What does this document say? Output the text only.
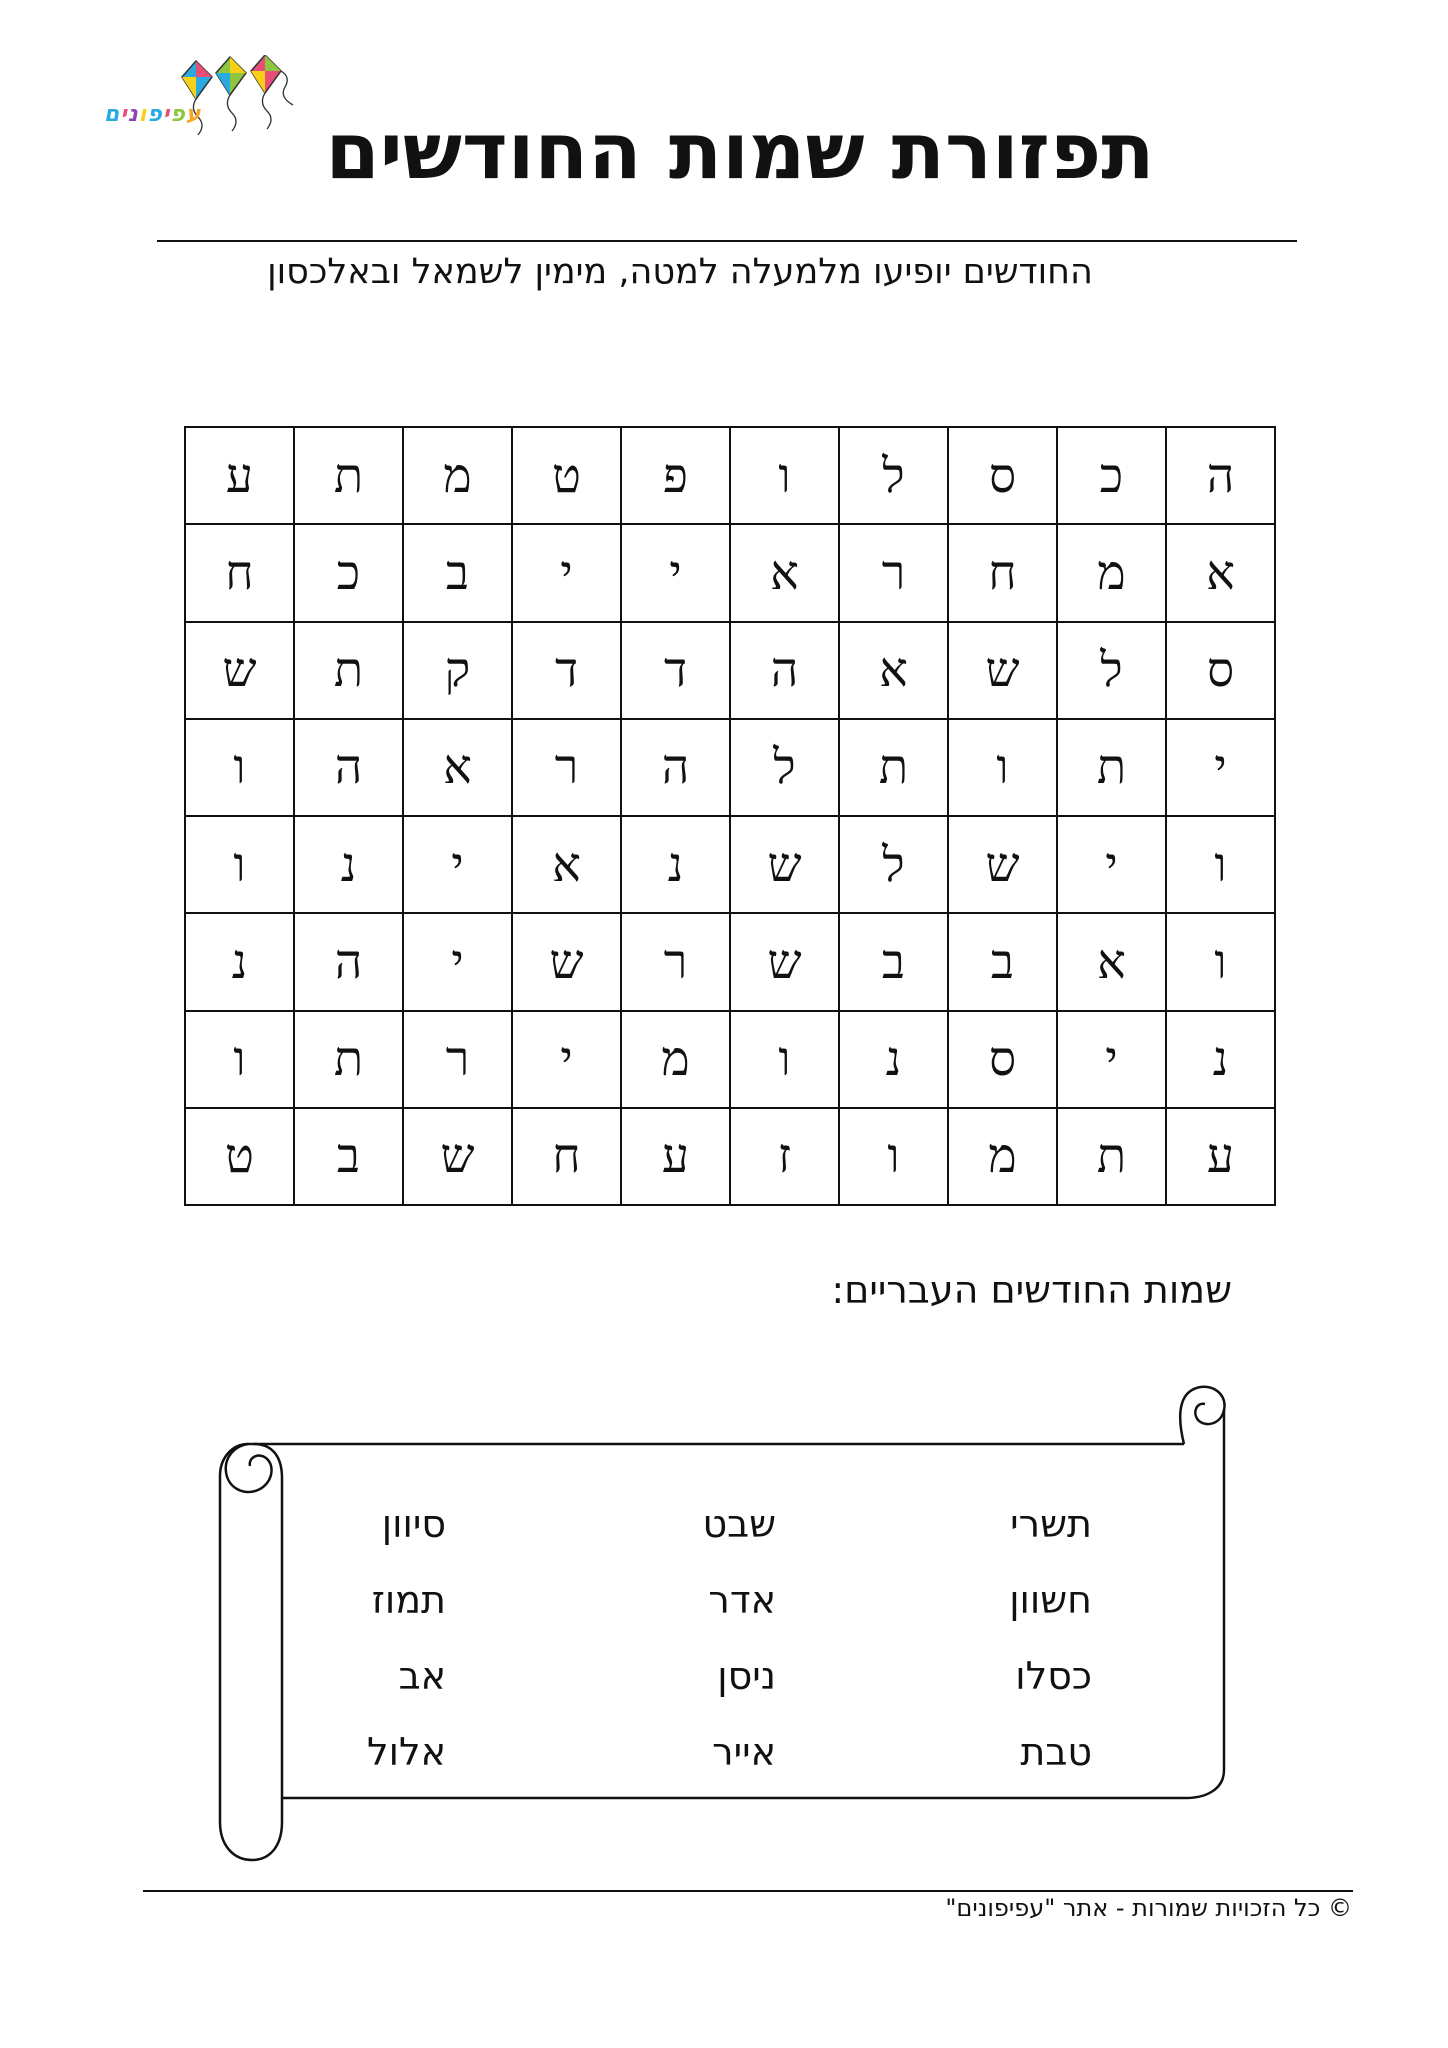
עפיפונים	תפזורת שמות החודשים
החודשים יופיעו מלמעלה למטה, מימין לשמאל ובאלכסון
ה	כ	ס	ל	ו	פ	ט	מ	ת	ע
א	מ	ח	ר	א	י	י	ב	כ	ח
ס	ל	ש	א	ה	ד	ד	ק	ת	ש
י	ת	ו	ת	ל	ה	ר	א	ה	ו
ו	י	ש	ל	ש	נ	א	י	נ	ו
ו	א	ב	ב	ש	ר	ש	י	ה	נ
נ	י	ס	נ	ו	מ	י	ר	ת	ו
ע	ת	מ	ו	ז	ע	ח	ש	ב	ט
שמות החודשים העבריים:
תשרי
חשוון
כסלו
טבת
שבט
אדר
ניסן
אייר
סיוון
תמוז
אב
אלול
© כל הזכויות שמורות - אתר "עפיפונים"
